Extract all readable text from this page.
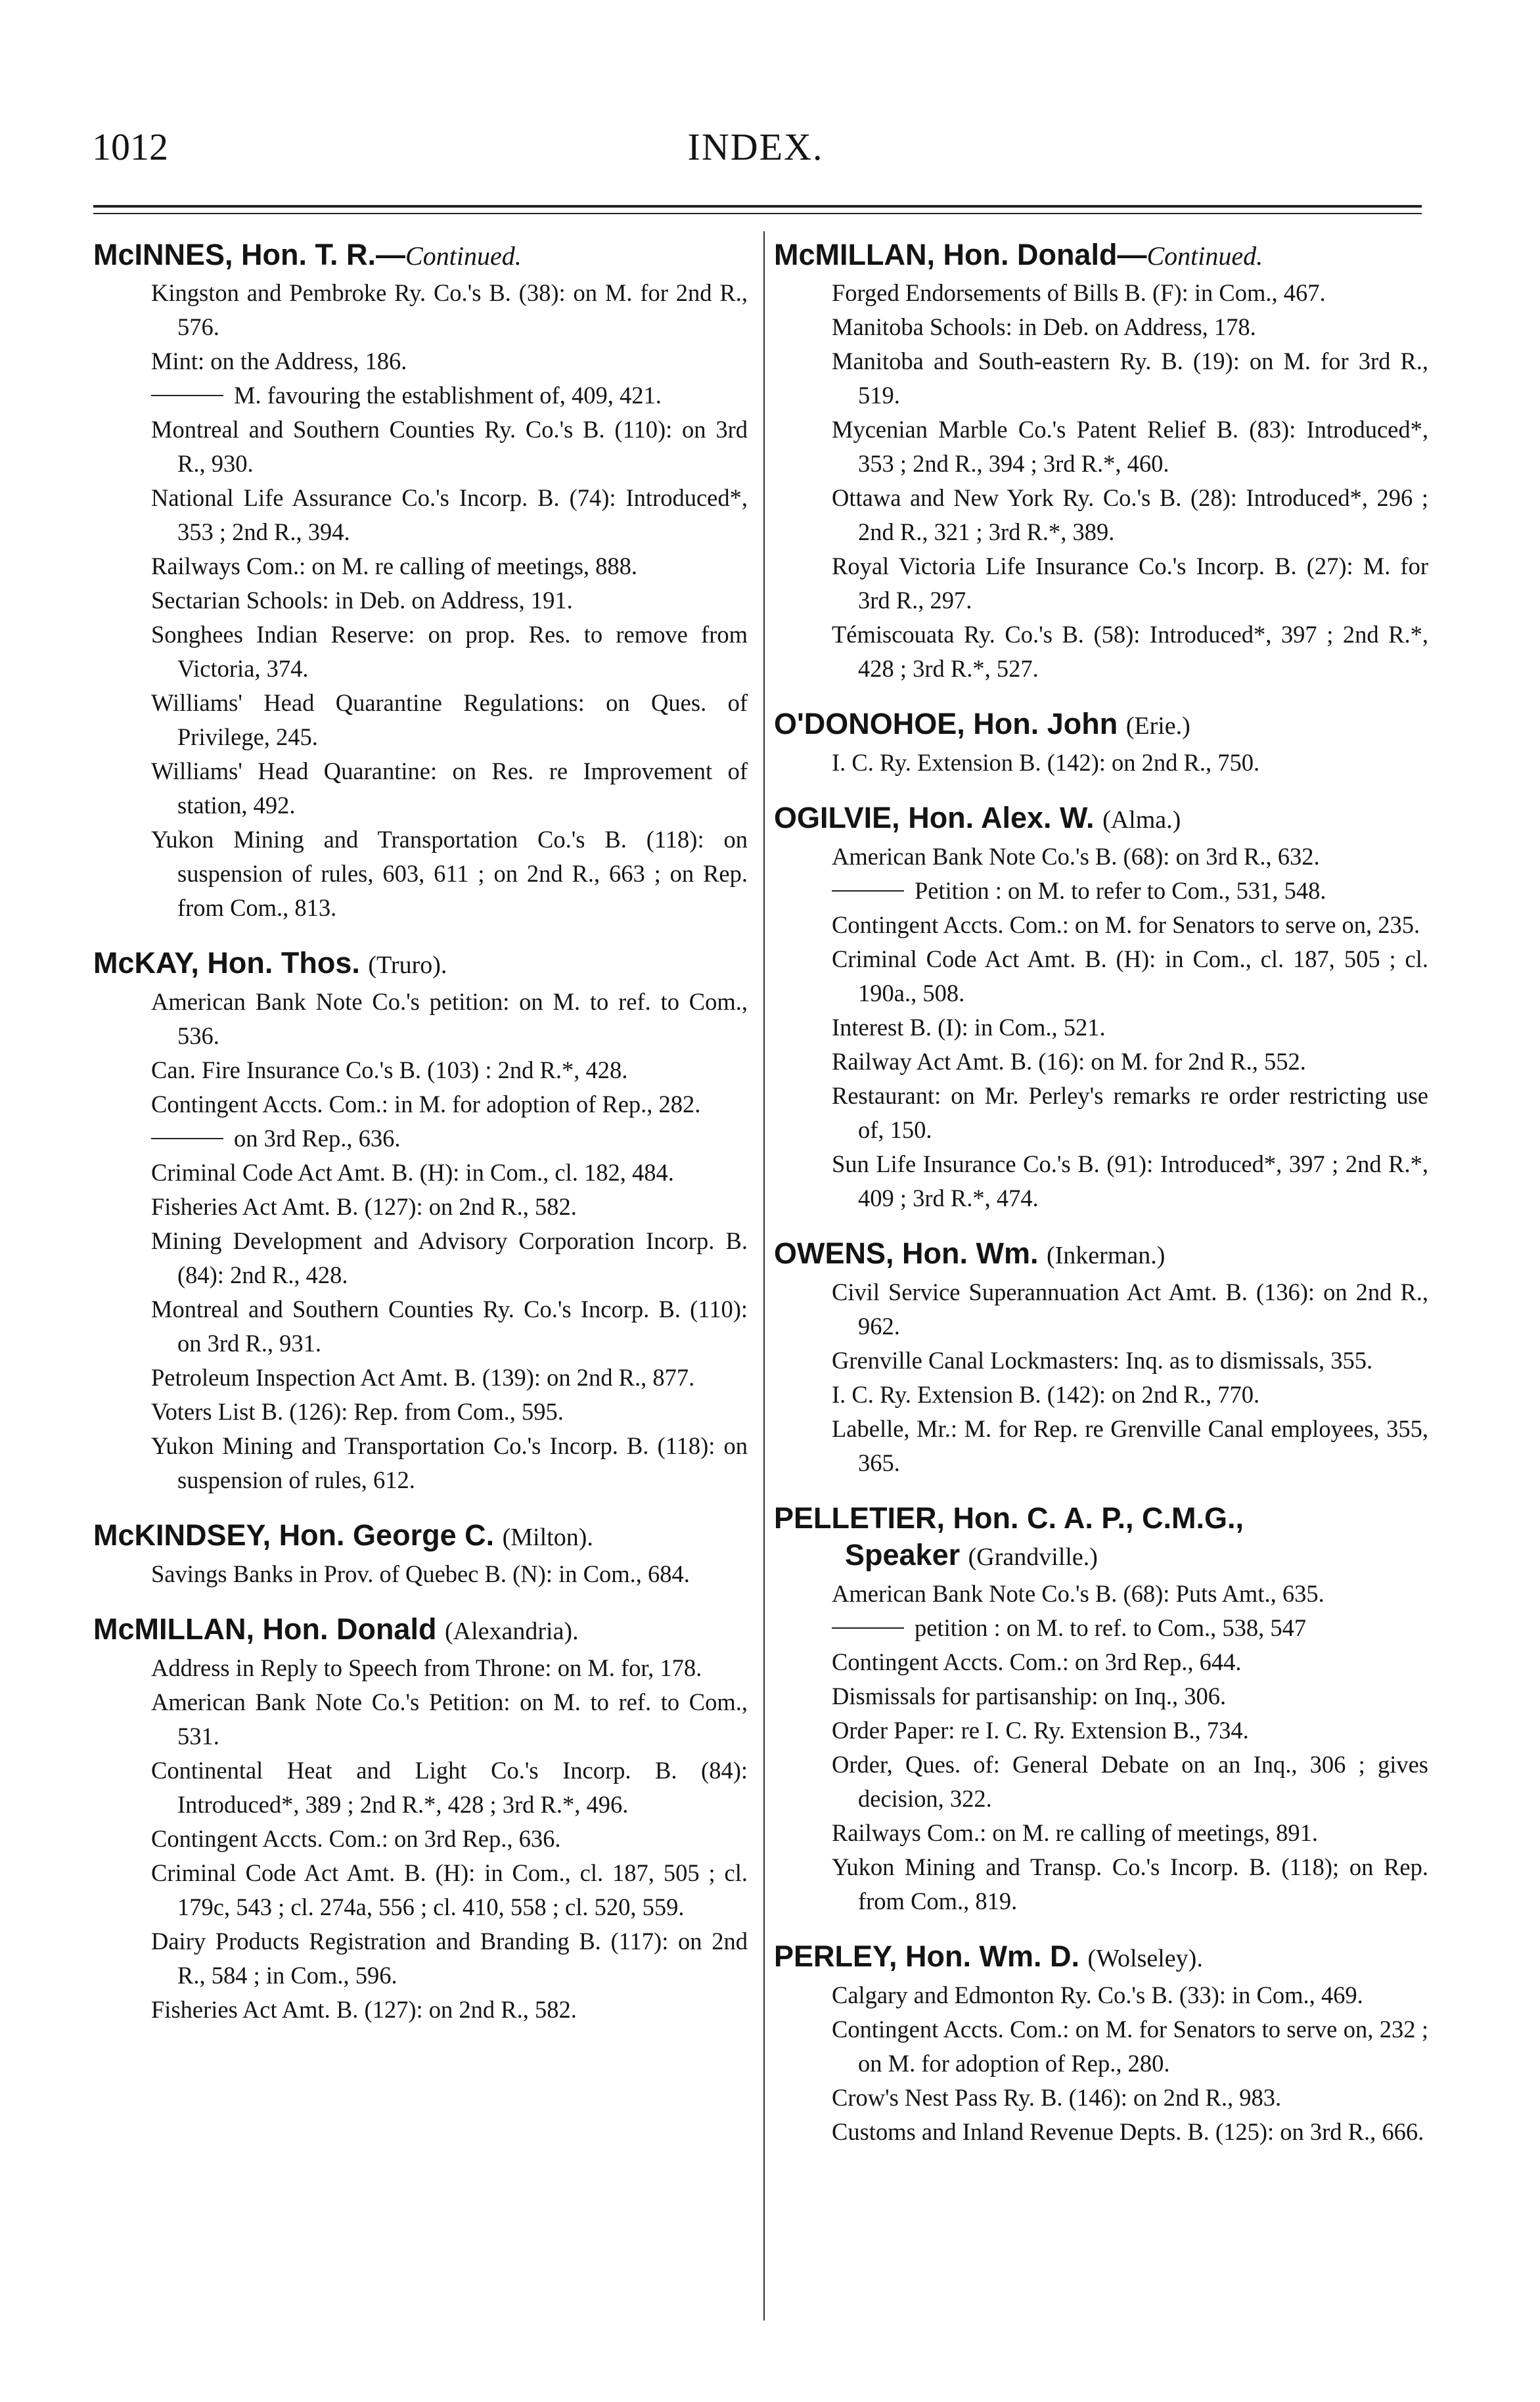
1012	INDEX.
McINNES, Hon. T. R.—Continued.

Kingston and Pembroke Ry. Co.'s B. (38): on M. for 2nd R., 576.

Mint: on the Address, 186.

M. favouring the establishment of, 409, 421.

Montreal and Southern Counties Ry. Co.'s B. (110): on 3rd R., 930.

National Life Assurance Co.'s Incorp. B. (74): Introduced*, 353 ; 2nd R., 394.

Railways Com.: on M. re calling of meetings, 888.

Sectarian Schools: in Deb. on Address, 191.

Songhees Indian Reserve: on prop. Res. to remove from Victoria, 374.

Williams' Head Quarantine Regulations: on Ques. of Privilege, 245.

Williams' Head Quarantine: on Res. re Improvement of station, 492.

Yukon Mining and Transportation Co.'s B. (118): on suspension of rules, 603, 611 ; on 2nd R., 663 ; on Rep. from Com., 813.

McKAY, Hon. Thos. (Truro).

American Bank Note Co.'s petition: on M. to ref. to Com., 536.

Can. Fire Insurance Co.'s B. (103) : 2nd R.*, 428.

Contingent Accts. Com.: in M. for adoption of Rep., 282.

on 3rd Rep., 636.

Criminal Code Act Amt. B. (H): in Com., cl. 182, 484.

Fisheries Act Amt. B. (127): on 2nd R., 582.

Mining Development and Advisory Corporation Incorp. B. (84): 2nd R., 428.

Montreal and Southern Counties Ry. Co.'s Incorp. B. (110): on 3rd R., 931.

Petroleum Inspection Act Amt. B. (139): on 2nd R., 877.

Voters List B. (126): Rep. from Com., 595.

Yukon Mining and Transportation Co.'s Incorp. B. (118): on suspension of rules, 612.

McKINDSEY, Hon. George C. (Milton).

Savings Banks in Prov. of Quebec B. (N): in Com., 684.

McMILLAN, Hon. Donald (Alexandria).

Address in Reply to Speech from Throne: on M. for, 178.

American Bank Note Co.'s Petition: on M. to ref. to Com., 531.

Continental Heat and Light Co.'s Incorp. B. (84): Introduced*, 389 ; 2nd R.*, 428 ; 3rd R.*, 496.

Contingent Accts. Com.: on 3rd Rep., 636.

Criminal Code Act Amt. B. (H): in Com., cl. 187, 505 ; cl. 179c, 543 ; cl. 274a, 556 ; cl. 410, 558 ; cl. 520, 559.

Dairy Products Registration and Branding B. (117): on 2nd R., 584 ; in Com., 596.

Fisheries Act Amt. B. (127): on 2nd R., 582.

McMILLAN, Hon. Donald—Continued.

Forged Endorsements of Bills B. (F): in Com., 467.

Manitoba Schools: in Deb. on Address, 178.

Manitoba and South-eastern Ry. B. (19): on M. for 3rd R., 519.

Mycenian Marble Co.'s Patent Relief B. (83): Introduced*, 353 ; 2nd R., 394 ; 3rd R.*, 460.

Ottawa and New York Ry. Co.'s B. (28): Introduced*, 296 ; 2nd R., 321 ; 3rd R.*, 389.

Royal Victoria Life Insurance Co.'s Incorp. B. (27): M. for 3rd R., 297.

Témiscouata Ry. Co.'s B. (58): Introduced*, 397 ; 2nd R.*, 428 ; 3rd R.*, 527.

O'DONOHOE, Hon. John (Erie.)

I. C. Ry. Extension B. (142): on 2nd R., 750.

OGILVIE, Hon. Alex. W. (Alma.)

American Bank Note Co.'s B. (68): on 3rd R., 632.

Petition : on M. to refer to Com., 531, 548.

Contingent Accts. Com.: on M. for Senators to serve on, 235.

Criminal Code Act Amt. B. (H): in Com., cl. 187, 505 ; cl. 190a., 508.

Interest B. (I): in Com., 521.

Railway Act Amt. B. (16): on M. for 2nd R., 552.

Restaurant: on Mr. Perley's remarks re order restricting use of, 150.

Sun Life Insurance Co.'s B. (91): Introduced*, 397 ; 2nd R.*, 409 ; 3rd R.*, 474.

OWENS, Hon. Wm. (Inkerman.)

Civil Service Superannuation Act Amt. B. (136): on 2nd R., 962.

Grenville Canal Lockmasters: Inq. as to dismissals, 355.

I. C. Ry. Extension B. (142): on 2nd R., 770.

Labelle, Mr.: M. for Rep. re Grenville Canal employees, 355, 365.

PELLETIER, Hon. C. A. P., C.M.G.,
Speaker (Grandville.)

American Bank Note Co.'s B. (68): Puts Amt., 635.

petition : on M. to ref. to Com., 538, 547

Contingent Accts. Com.: on 3rd Rep., 644.

Dismissals for partisanship: on Inq., 306.

Order Paper: re I. C. Ry. Extension B., 734.

Order, Ques. of: General Debate on an Inq., 306 ; gives decision, 322.

Railways Com.: on M. re calling of meetings, 891.

Yukon Mining and Transp. Co.'s Incorp. B. (118); on Rep. from Com., 819.

PERLEY, Hon. Wm. D. (Wolseley).

Calgary and Edmonton Ry. Co.'s B. (33): in Com., 469.

Contingent Accts. Com.: on M. for Senators to serve on, 232 ; on M. for adoption of Rep., 280.

Crow's Nest Pass Ry. B. (146): on 2nd R., 983.

Customs and Inland Revenue Depts. B. (125): on 3rd R., 666.
